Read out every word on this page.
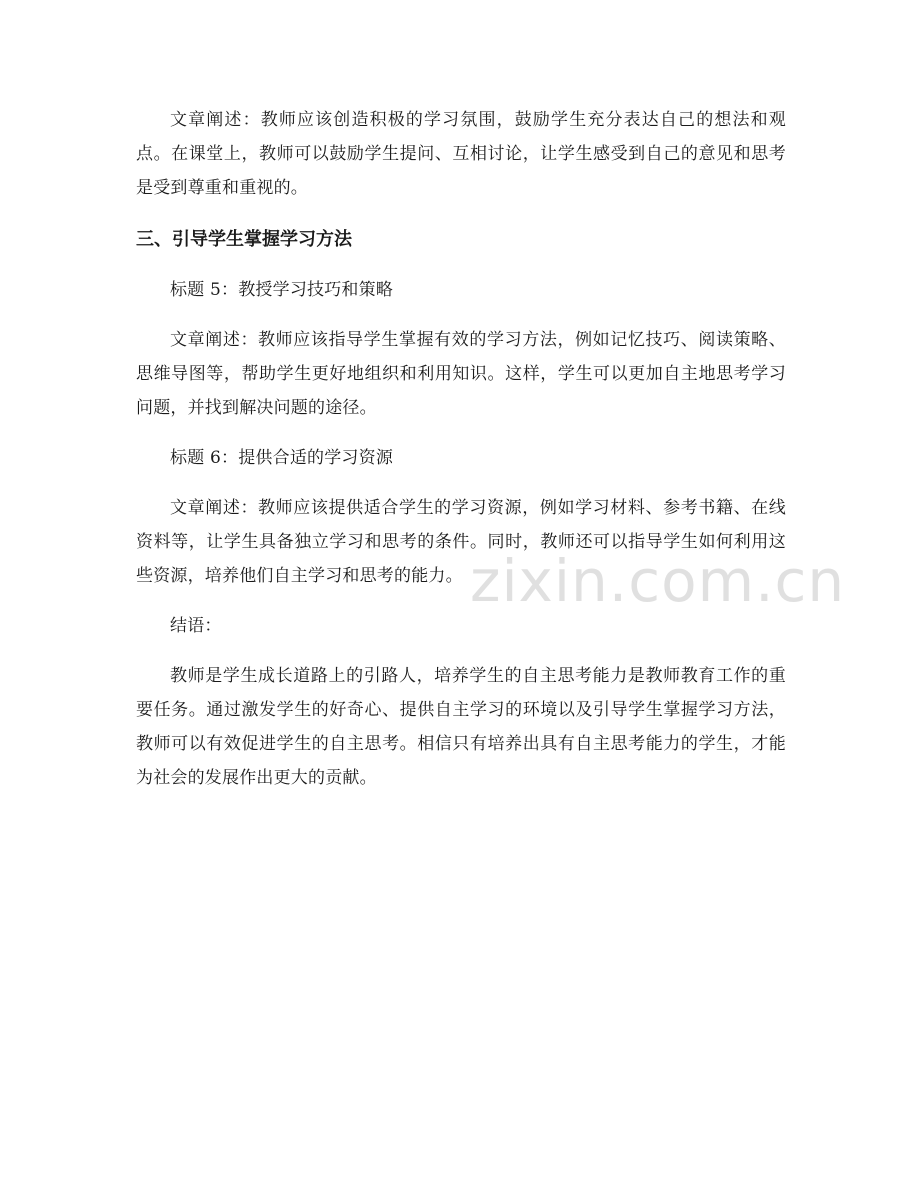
文章阐述：教师应该创造积极的学习氛围，鼓励学生充分表达自己的想法和观点。在课堂上，教师可以鼓励学生提问、互相讨论，让学生感受到自己的意见和思考是受到尊重和重视的。

三、引导学生掌握学习方法

标题 5：教授学习技巧和策略

文章阐述：教师应该指导学生掌握有效的学习方法，例如记忆技巧、阅读策略、思维导图等，帮助学生更好地组织和利用知识。这样，学生可以更加自主地思考学习问题，并找到解决问题的途径。

标题 6：提供合适的学习资源

文章阐述：教师应该提供适合学生的学习资源，例如学习材料、参考书籍、在线资料等，让学生具备独立学习和思考的条件。同时，教师还可以指导学生如何利用这些资源，培养他们自主学习和思考的能力。

结语：

教师是学生成长道路上的引路人，培养学生的自主思考能力是教师教育工作的重要任务。通过激发学生的好奇心、提供自主学习的环境以及引导学生掌握学习方法，教师可以有效促进学生的自主思考。相信只有培养出具有自主思考能力的学生，才能为社会的发展作出更大的贡献。

zixin.com.cn
